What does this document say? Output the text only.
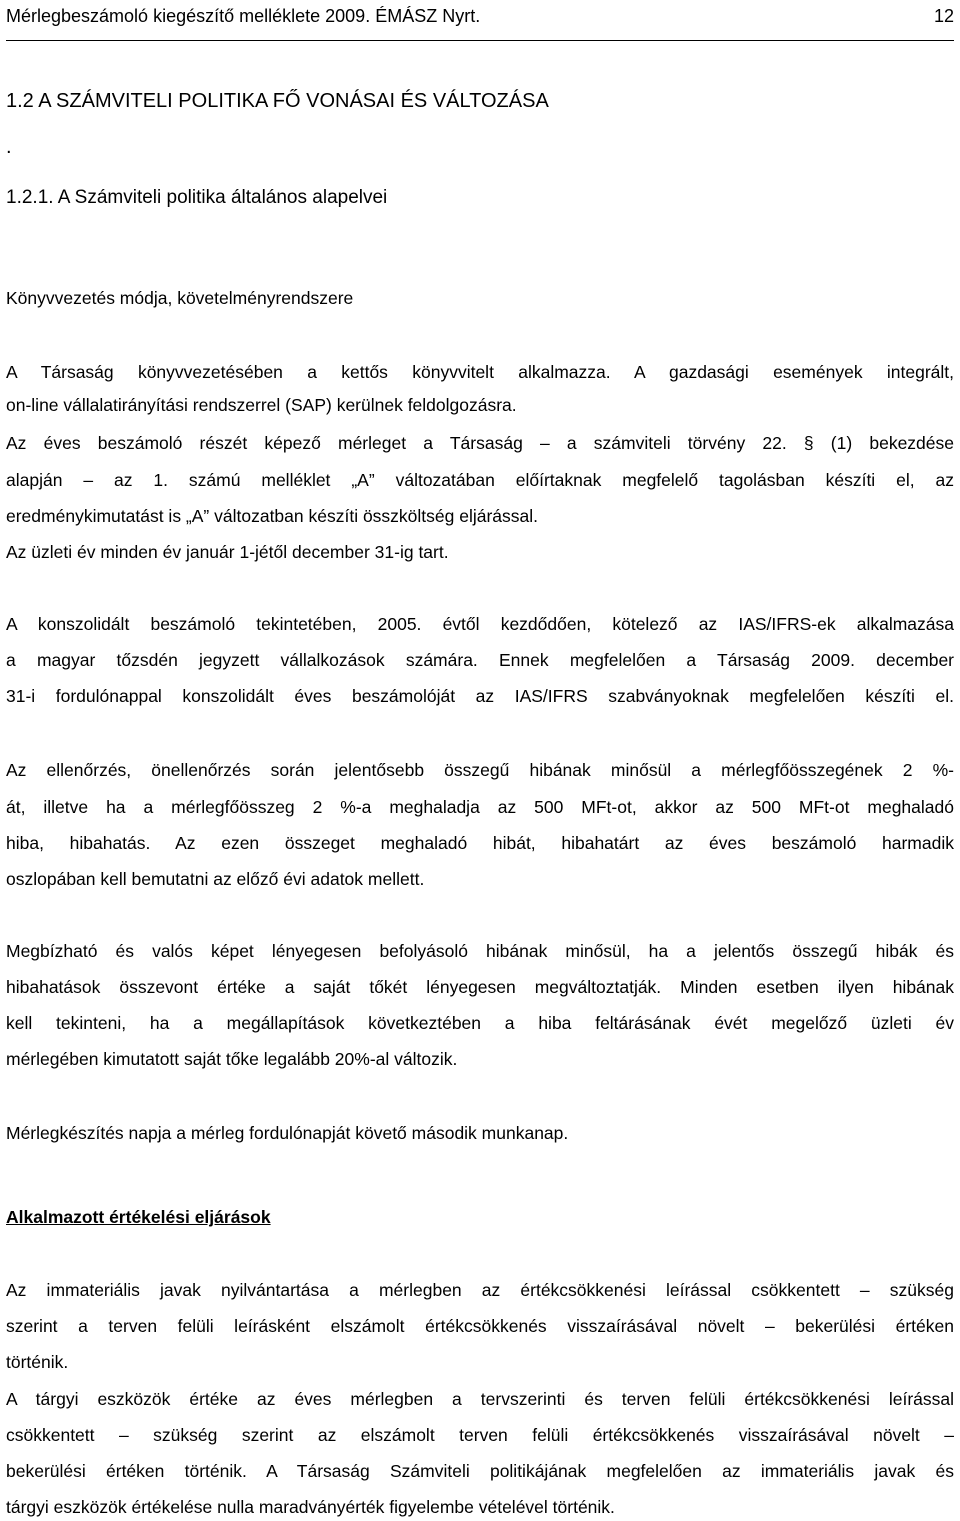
Mérlegbeszámoló kiegészítő melléklete 2009. ÉMÁSZ Nyrt.	12
1.2 A SZÁMVITELI POLITIKA FŐ VONÁSAI ÉS VÁLTOZÁSA
.
1.2.1. A Számviteli politika általános alapelvei
Könyvvezetés módja, követelményrendszere
A Társaság könyvvezetésében a kettős könyvvitelt alkalmazza. A gazdasági események integrált,
on-line vállalatirányítási rendszerrel (SAP) kerülnek feldolgozásra.
Az éves beszámoló részét képező mérleget a Társaság – a számviteli törvény 22. § (1) bekezdése
alapján – az 1. számú melléklet „A” változatában előírtaknak megfelelő tagolásban készíti el, az
eredménykimutatást is „A” változatban készíti összköltség eljárással.
Az üzleti év minden év január 1-jétől december 31-ig tart.
A konszolidált beszámoló tekintetében, 2005. évtől kezdődően, kötelező az IAS/IFRS-ek alkalmazása
a magyar tőzsdén jegyzett vállalkozások számára. Ennek megfelelően a Társaság 2009. december
31-i fordulónappal konszolidált éves beszámolóját az IAS/IFRS szabványoknak megfelelően készíti el.
Az ellenőrzés, önellenőrzés során jelentősebb összegű hibának minősül a mérlegfőösszegének 2 %-
át, illetve ha a mérlegfőösszeg 2 %-a meghaladja az 500 MFt-ot, akkor az 500 MFt-ot meghaladó
hiba, hibahatás. Az ezen összeget meghaladó hibát, hibahatárt az éves beszámoló harmadik
oszlopában kell bemutatni az előző évi adatok mellett.
Megbízható és valós képet lényegesen befolyásoló hibának minősül, ha a jelentős összegű hibák és
hibahatások összevont értéke a saját tőkét lényegesen megváltoztatják. Minden esetben ilyen hibának
kell tekinteni, ha a megállapítások következtében a hiba feltárásának évét megelőző üzleti év
mérlegében kimutatott saját tőke legalább 20%-al változik.
Mérlegkészítés napja a mérleg fordulónapját követő második munkanap.
Alkalmazott értékelési eljárások
Az immateriális javak nyilvántartása a mérlegben az értékcsökkenési leírással csökkentett – szükség
szerint a terven felüli leírásként elszámolt értékcsökkenés visszaírásával növelt – bekerülési értéken
történik.
A tárgyi eszközök értéke az éves mérlegben a tervszerinti és terven felüli értékcsökkenési leírással
csökkentett – szükség szerint az elszámolt terven felüli értékcsökkenés visszaírásával növelt –
bekerülési értéken történik. A Társaság Számviteli politikájának megfelelően az immateriális javak és
tárgyi eszközök értékelése nulla maradványérték figyelembe vételével történik.
